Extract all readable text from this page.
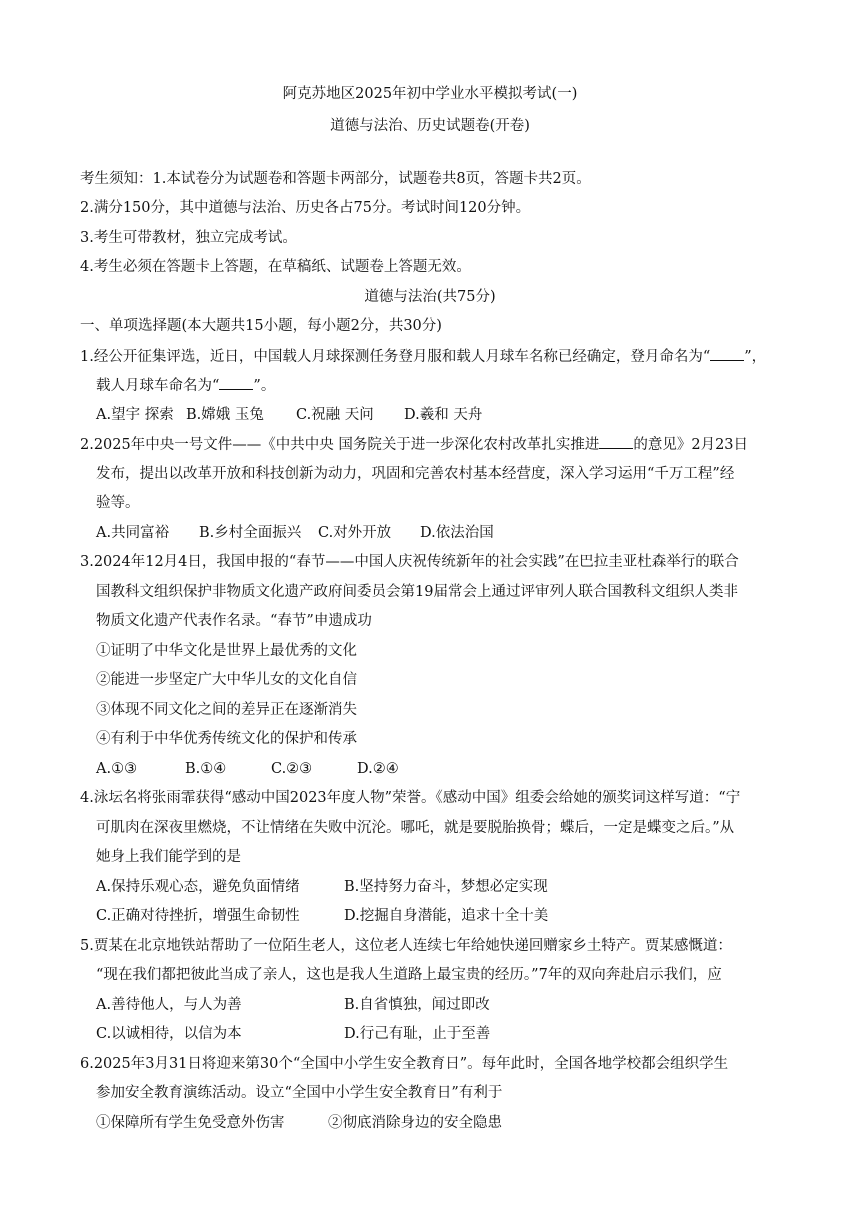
阿克苏地区2025年初中学业水平模拟考试(一)
道德与法治、历史试题卷(开卷)
考生须知：1.本试卷分为试题卷和答题卡两部分，试题卷共8页，答题卡共2页。
2.满分150分，其中道德与法治、历史各占75分。考试时间120分钟。
3.考生可带教材，独立完成考试。
4.考生必须在答题卡上答题，在草稿纸、试题卷上答题无效。
道德与法治(共75分)
一、单项选择题(本大题共15小题，每小题2分，共30分)
1.经公开征集评选，近日，中国载人月球探测任务登月服和载人月球车名称已经确定，登月命名为“ ”，
载人月球车命名为“ ”。
A.望宇 探索 B.嫦娥 玉兔 C.祝融 天问 D.羲和 天舟
2.2025年中央一号文件——《中共中央 国务院关于进一步深化农村改革扎实推进 的意见》2月23日
发布，提出以改革开放和科技创新为动力，巩固和完善农村基本经营度，深入学习运用“千万工程”经
验等。
A.共同富裕 B.乡村全面振兴 C.对外开放 D.依法治国
3.2024年12月4日，我国申报的“春节——中国人庆祝传统新年的社会实践”在巴拉圭亚杜森举行的联合
国教科文组织保护非物质文化遗产政府间委员会第19届常会上通过评审列人联合国教科文组织人类非
物质文化遗产代表作名录。“春节”申遗成功
①证明了中华文化是世界上最优秀的文化
②能进一步坚定广大中华儿女的文化自信
③体现不同文化之间的差异正在逐渐消失
④有利于中华优秀传统文化的保护和传承
A.①③	B.①④	C.②③	D.②④
4.泳坛名将张雨霏获得“感动中国2023年度人物”荣誉。《感动中国》组委会给她的颁奖词这样写道：“宁
可肌肉在深夜里燃烧，不让情绪在失败中沉沦。哪吒，就是要脱胎换骨；蝶后，一定是蝶变之后。”从
她身上我们能学到的是
A.保持乐观心态，避免负面情绪	B.坚持努力奋斗，梦想必定实现
C.正确对待挫折，增强生命韧性	D.挖掘自身潜能，追求十全十美
5.贾某在北京地铁站帮助了一位陌生老人，这位老人连续七年给她快递回赠家乡土特产。贾某感慨道：
“现在我们都把彼此当成了亲人，这也是我人生道路上最宝贵的经历。”7年的双向奔赴启示我们，应
A.善待他人，与人为善	B.自省慎独，闻过即改
C.以诚相待，以信为本	D.行己有耻，止于至善
6.2025年3月31日将迎来第30个“全国中小学生安全教育日”。每年此时，全国各地学校都会组织学生
参加安全教育演练活动。设立“全国中小学生安全教育日”有利于
①保障所有学生免受意外伤害	②彻底消除身边的安全隐患
